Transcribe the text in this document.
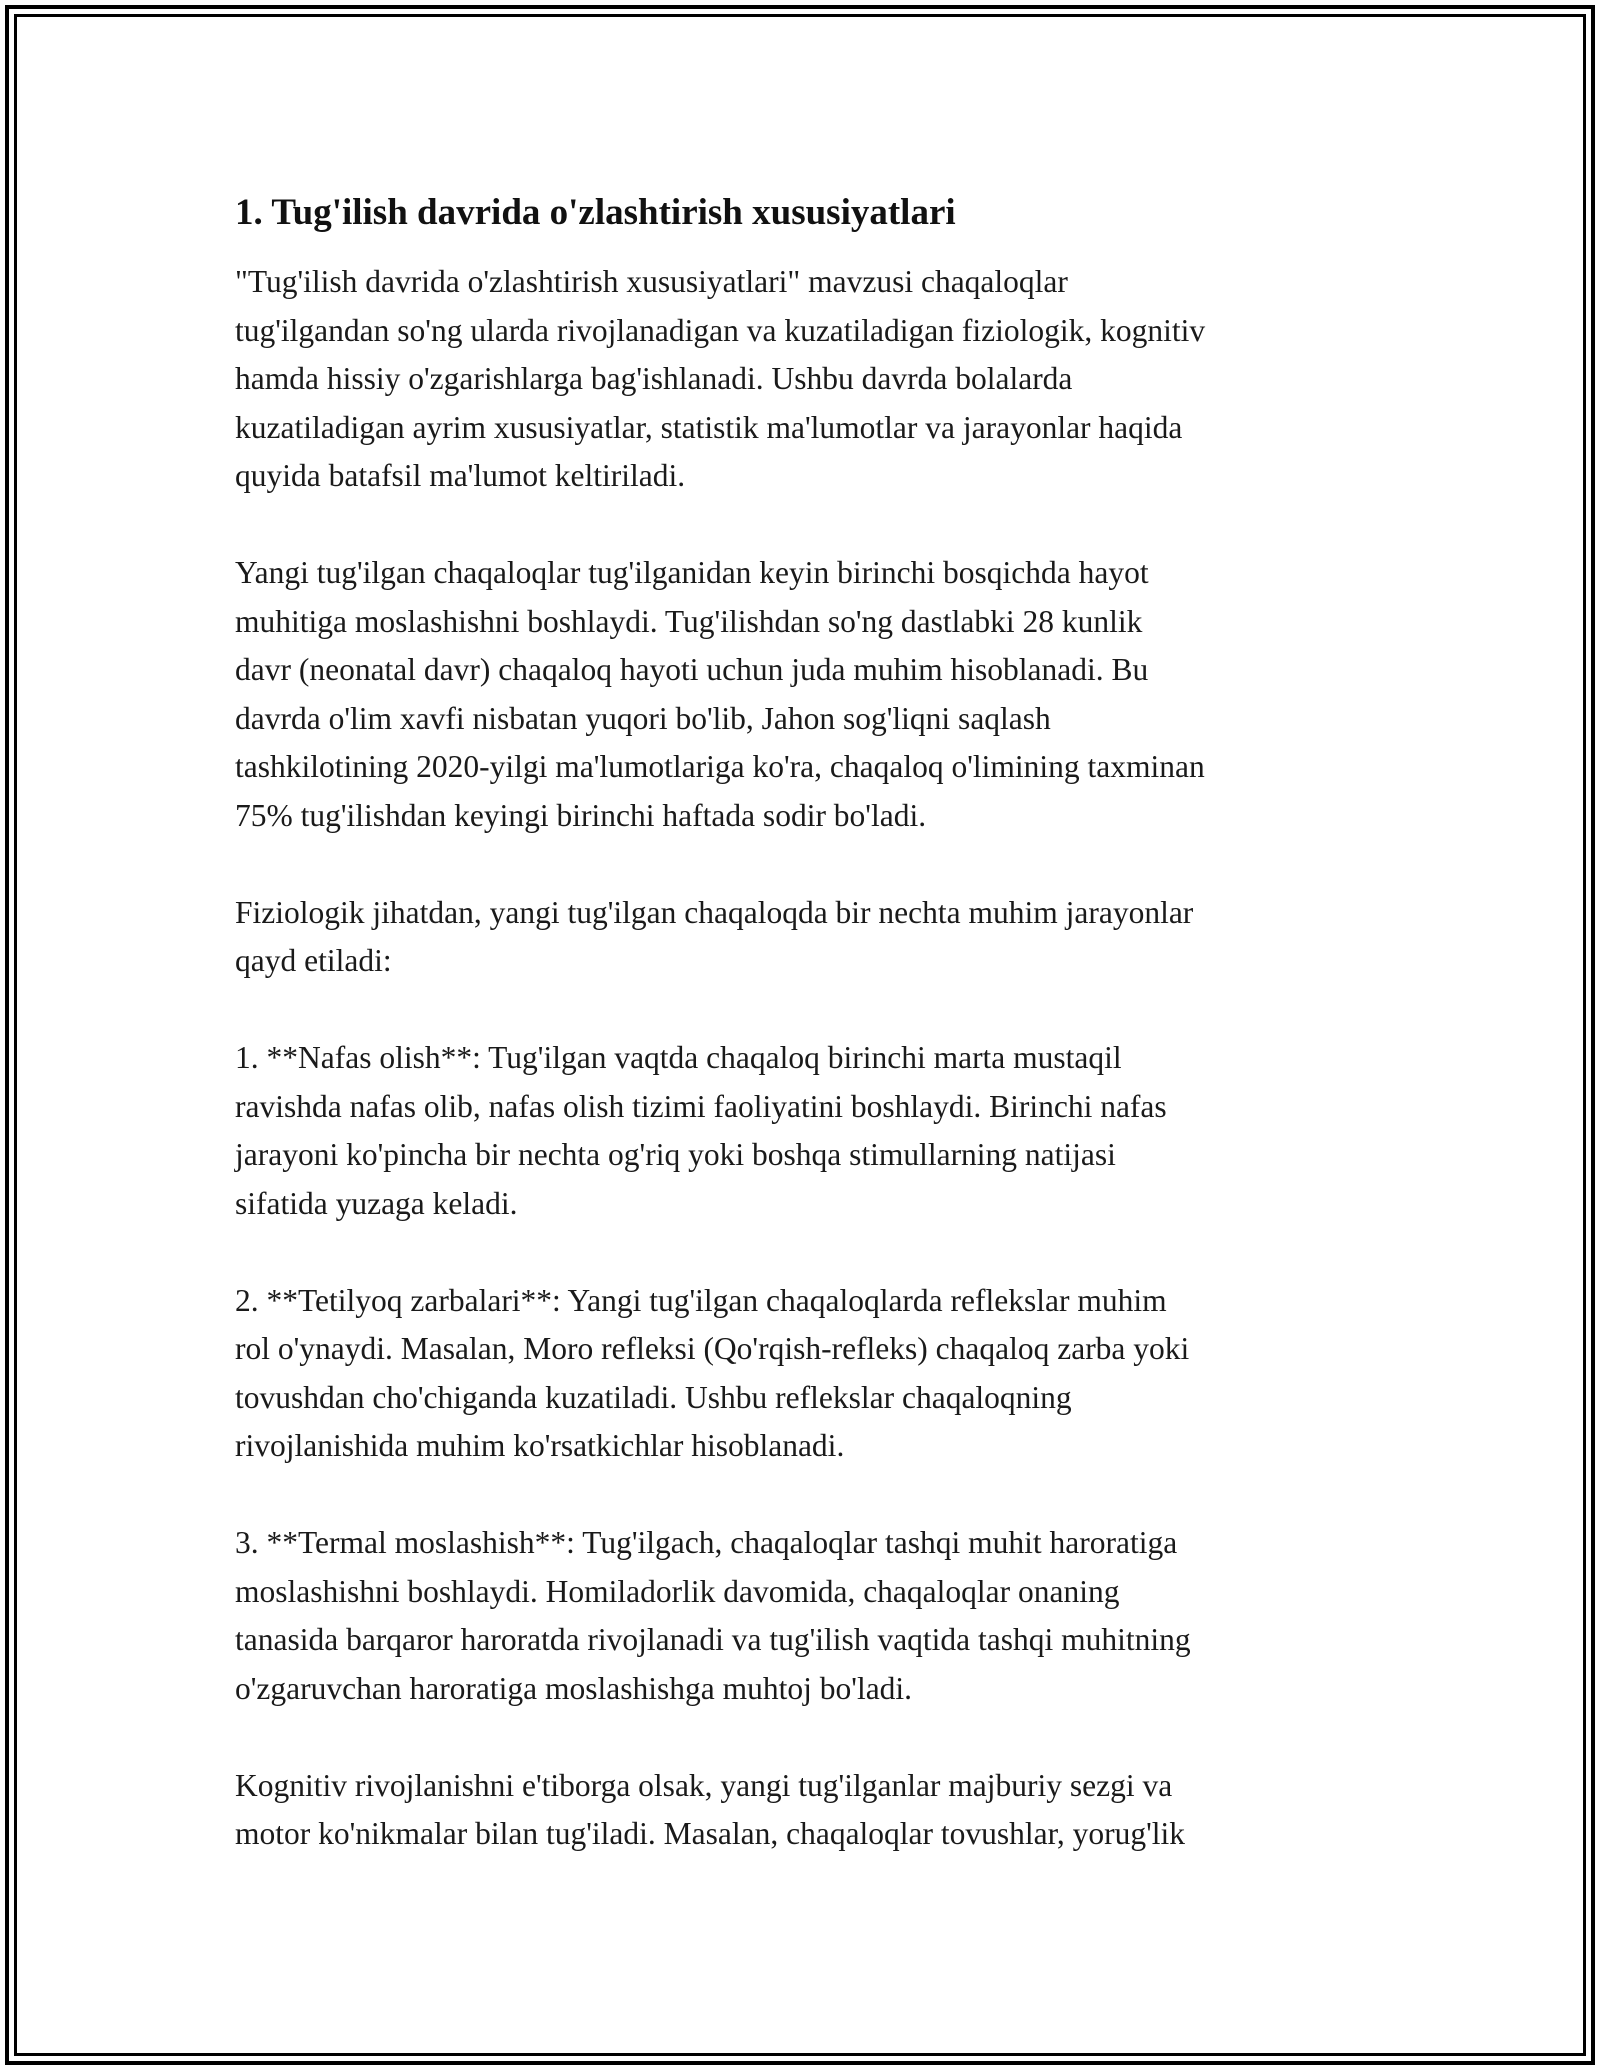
1. Tug'ilish davrida o'zlashtirish xususiyatlari

"Tug'ilish davrida o'zlashtirish xususiyatlari" mavzusi chaqaloqlar
tug'ilgandan so'ng ularda rivojlanadigan va kuzatiladigan fiziologik, kognitiv
hamda hissiy o'zgarishlarga bag'ishlanadi. Ushbu davrda bolalarda
kuzatiladigan ayrim xususiyatlar, statistik ma'lumotlar va jarayonlar haqida
quyida batafsil ma'lumot keltiriladi.

Yangi tug'ilgan chaqaloqlar tug'ilganidan keyin birinchi bosqichda hayot
muhitiga moslashishni boshlaydi. Tug'ilishdan so'ng dastlabki 28 kunlik
davr (neonatal davr) chaqaloq hayoti uchun juda muhim hisoblanadi. Bu
davrda o'lim xavfi nisbatan yuqori bo'lib, Jahon sog'liqni saqlash
tashkilotining 2020-yilgi ma'lumotlariga ko'ra, chaqaloq o'limining taxminan
75% tug'ilishdan keyingi birinchi haftada sodir bo'ladi.

Fiziologik jihatdan, yangi tug'ilgan chaqaloqda bir nechta muhim jarayonlar
qayd etiladi:

1. **Nafas olish**: Tug'ilgan vaqtda chaqaloq birinchi marta mustaqil
ravishda nafas olib, nafas olish tizimi faoliyatini boshlaydi. Birinchi nafas
jarayoni ko'pincha bir nechta og'riq yoki boshqa stimullarning natijasi
sifatida yuzaga keladi.

2. **Tetilyoq zarbalari**: Yangi tug'ilgan chaqaloqlarda reflekslar muhim
rol o'ynaydi. Masalan, Moro refleksi (Qo'rqish-refleks) chaqaloq zarba yoki
tovushdan cho'chiganda kuzatiladi. Ushbu reflekslar chaqaloqning
rivojlanishida muhim ko'rsatkichlar hisoblanadi.

3. **Termal moslashish**: Tug'ilgach, chaqaloqlar tashqi muhit haroratiga
moslashishni boshlaydi. Homiladorlik davomida, chaqaloqlar onaning
tanasida barqaror haroratda rivojlanadi va tug'ilish vaqtida tashqi muhitning
o'zgaruvchan haroratiga moslashishga muhtoj bo'ladi.

Kognitiv rivojlanishni e'tiborga olsak, yangi tug'ilganlar majburiy sezgi va
motor ko'nikmalar bilan tug'iladi. Masalan, chaqaloqlar tovushlar, yorug'lik
